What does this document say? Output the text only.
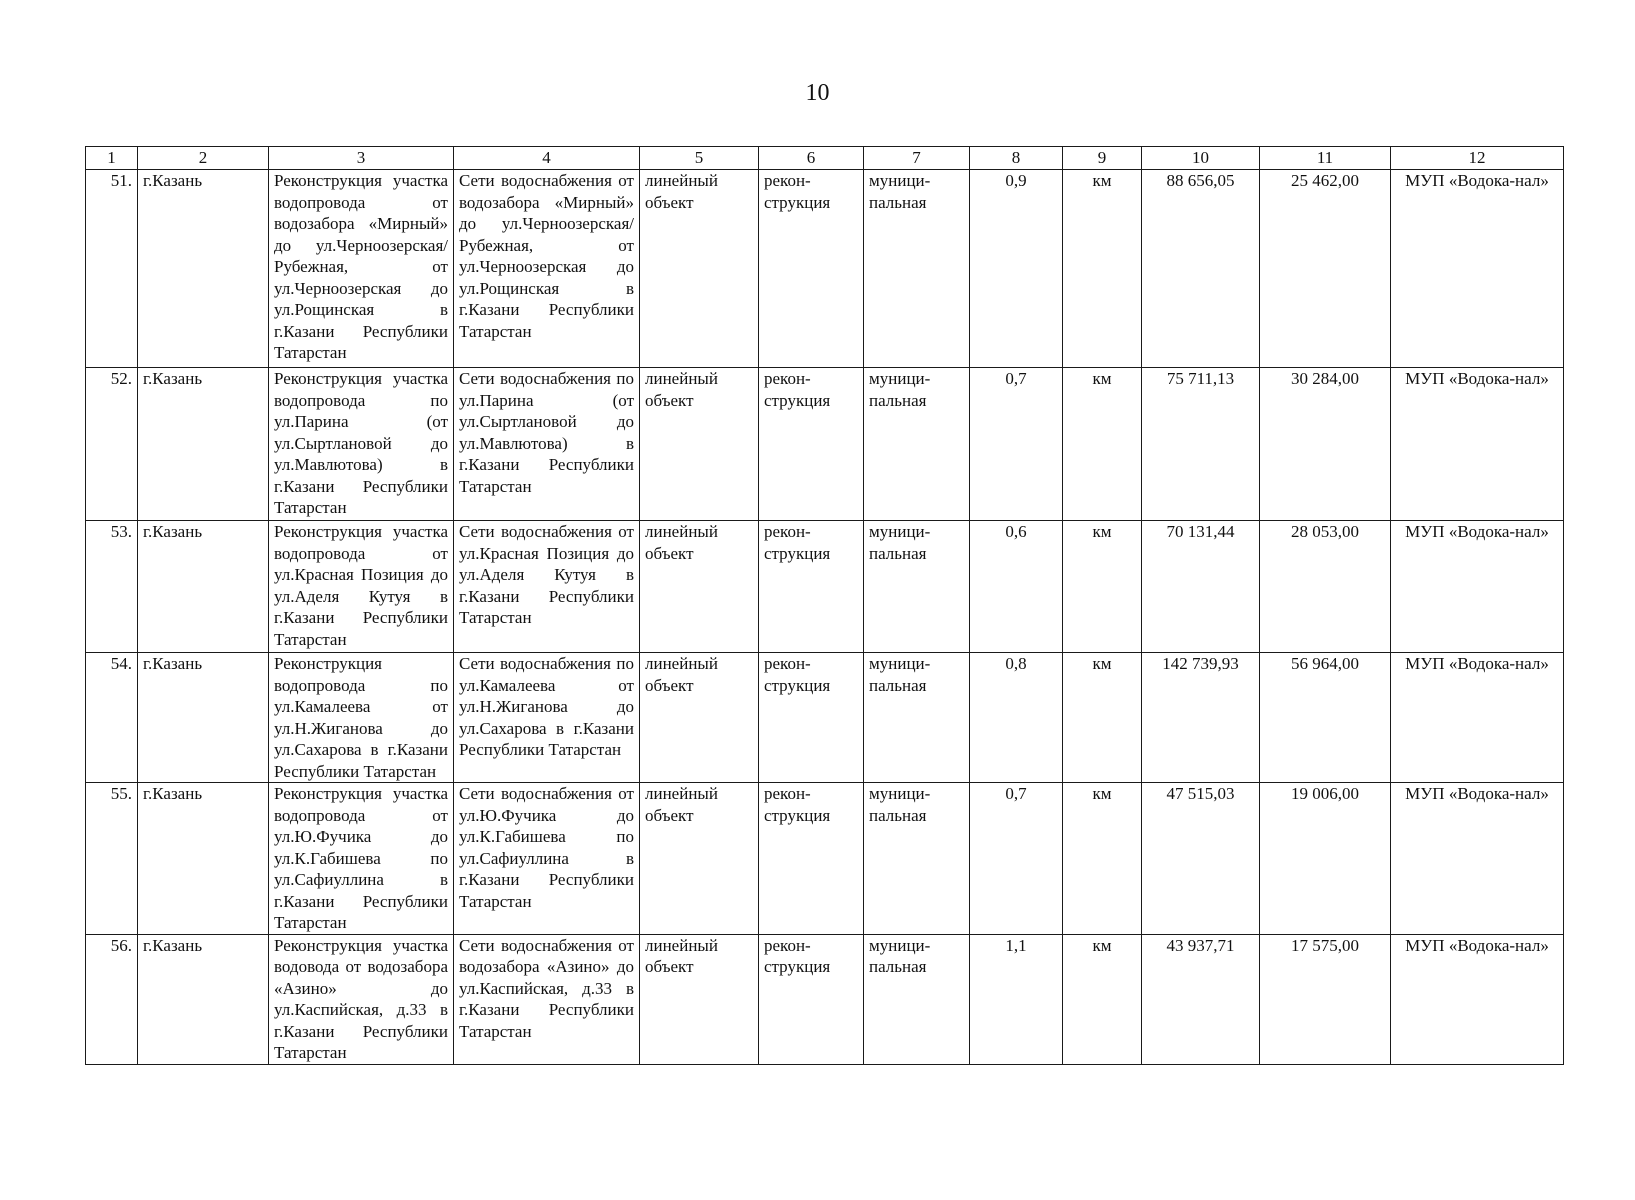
10
1	2	3	4	5	6	7	8	9	10	11	12
51.	г.Казань	Реконструкция участка водопровода от водозабора «Мирный» до ул.Черноозерская/Рубежная, от ул.Черноозерская до ул.Рощинская в г.Казани Республики Татарстан	Сети водоснабжения от водозабора «Мирный» до ул.Черноозерская/Рубежная, от ул.Черноозерская до ул.Рощинская в г.Казани Республики Татарстан	линейный объект	рекон-струкция	муници-пальная	0,9	км	88 656,05	25 462,00	МУП «Водока-нал»
52.	г.Казань	Реконструкция участка водопровода по ул.Парина (от ул.Сыртлановой до ул.Мавлютова) в г.Казани Республики Татарстан	Сети водоснабжения по ул.Парина (от ул.Сыртлановой до ул.Мавлютова) в г.Казани Республики Татарстан	линейный объект	рекон-струкция	муници-пальная	0,7	км	75 711,13	30 284,00	МУП «Водока-нал»
53.	г.Казань	Реконструкция участка водопровода от ул.Красная Позиция до ул.Аделя Кутуя в г.Казани Республики Татарстан	Сети водоснабжения от ул.Красная Позиция до ул.Аделя Кутуя в г.Казани Республики Татарстан	линейный объект	рекон-струкция	муници-пальная	0,6	км	70 131,44	28 053,00	МУП «Водока-нал»
54.	г.Казань	Реконструкция водопровода по ул.Камалеева от ул.Н.Жиганова до ул.Сахарова в г.Казани Республики Татарстан	Сети водоснабжения по ул.Камалеева от ул.Н.Жиганова до ул.Сахарова в г.Казани Республики Татарстан	линейный объект	рекон-струкция	муници-пальная	0,8	км	142 739,93	56 964,00	МУП «Водока-нал»
55.	г.Казань	Реконструкция участка водопровода от ул.Ю.Фучика до ул.К.Габишева по ул.Сафиуллина в г.Казани Республики Татарстан	Сети водоснабжения от ул.Ю.Фучика до ул.К.Габишева по ул.Сафиуллина в г.Казани Республики Татарстан	линейный объект	рекон-струкция	муници-пальная	0,7	км	47 515,03	19 006,00	МУП «Водока-нал»
56.	г.Казань	Реконструкция участка водовода от водозабора «Азино» до ул.Каспийская, д.33 в г.Казани Республики Татарстан	Сети водоснабжения от водозабора «Азино» до ул.Каспийская, д.33 в г.Казани Республики Татарстан	линейный объект	рекон-струкция	муници-пальная	1,1	км	43 937,71	17 575,00	МУП «Водока-нал»
